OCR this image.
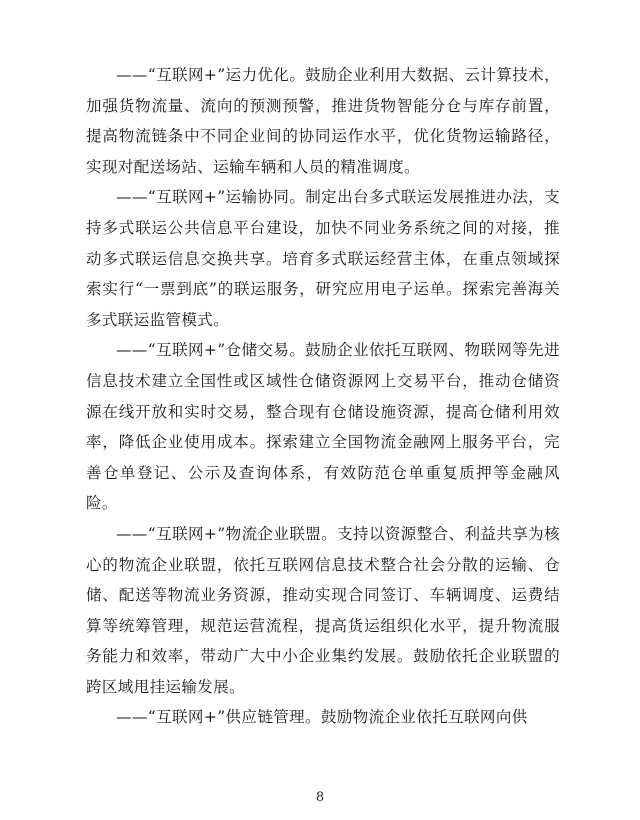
——“互联网+”运力优化。鼓励企业利用大数据、云计算技术，加强货物流量、流向的预测预警，推进货物智能分仓与库存前置，提高物流链条中不同企业间的协同运作水平，优化货物运输路径，实现对配送场站、运输车辆和人员的精准调度。

——“互联网+”运输协同。制定出台多式联运发展推进办法，支持多式联运公共信息平台建设，加快不同业务系统之间的对接，推动多式联运信息交换共享。培育多式联运经营主体，在重点领域探索实行“一票到底”的联运服务，研究应用电子运单。探索完善海关多式联运监管模式。

——“互联网+”仓储交易。鼓励企业依托互联网、物联网等先进信息技术建立全国性或区域性仓储资源网上交易平台，推动仓储资源在线开放和实时交易，整合现有仓储设施资源，提高仓储利用效率，降低企业使用成本。探索建立全国物流金融网上服务平台，完善仓单登记、公示及查询体系，有效防范仓单重复质押等金融风险。

——“互联网+”物流企业联盟。支持以资源整合、利益共享为核心的物流企业联盟，依托互联网信息技术整合社会分散的运输、仓储、配送等物流业务资源，推动实现合同签订、车辆调度、运费结算等统筹管理，规范运营流程，提高货运组织化水平，提升物流服务能力和效率，带动广大中小企业集约发展。鼓励依托企业联盟的跨区域甩挂运输发展。

——“互联网+”供应链管理。鼓励物流企业依托互联网向供

8
